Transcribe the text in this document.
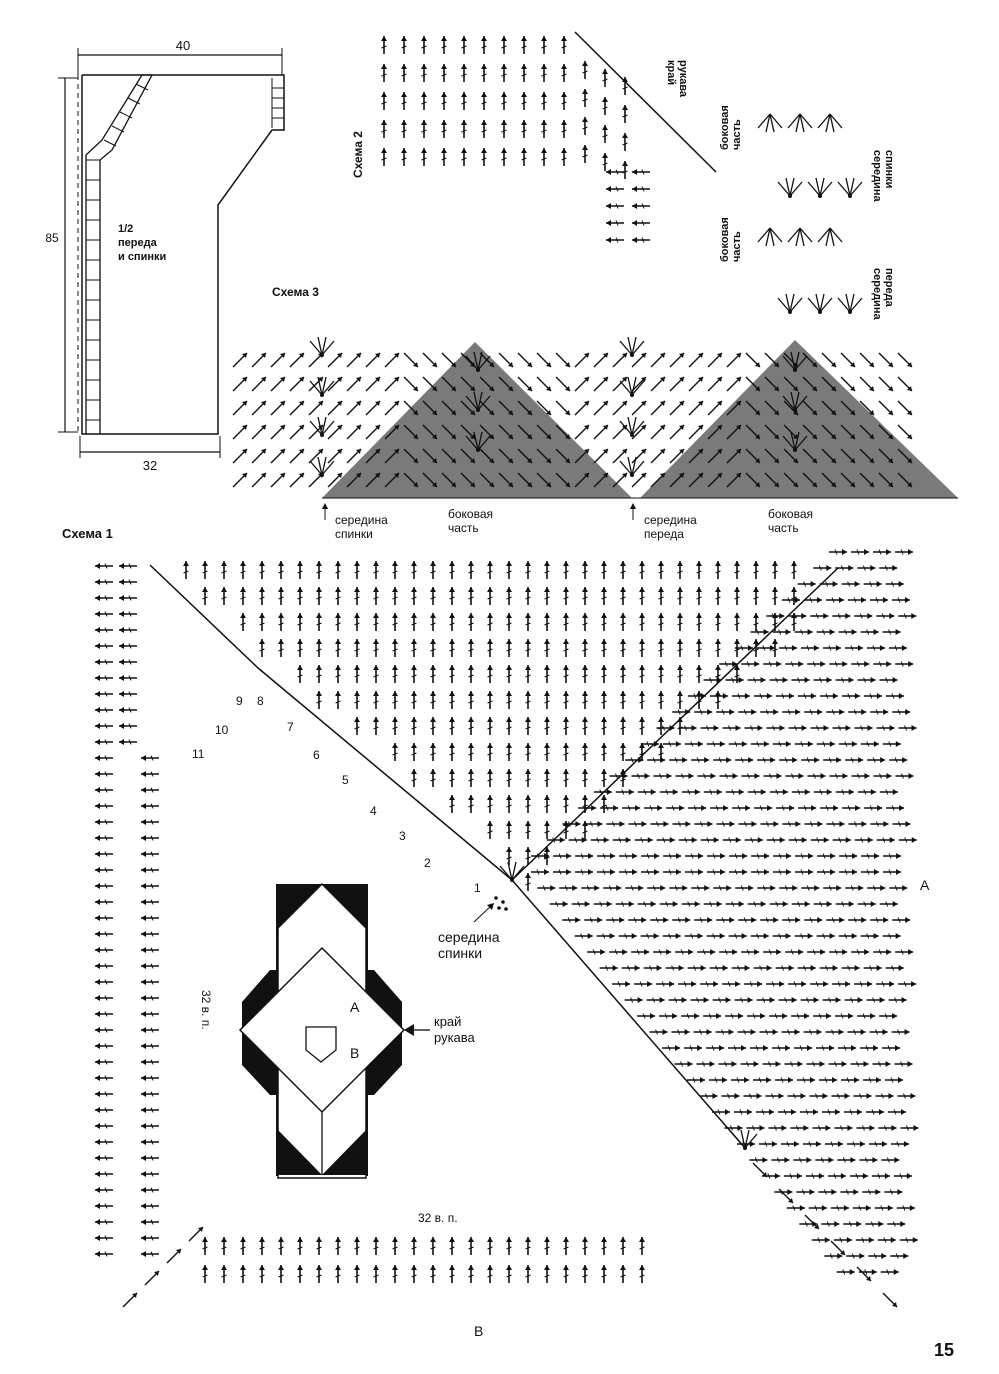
40
85
1/2 переда и спинки
32
Схема 2
край рукава
боковая часть
боковая часть
середина спинки
середина переда
Схема 3
середина
спинки
боковая
часть
середина
переда
боковая
часть
Схема 1
1
2
3
4
5
6
7
8
9
10
11
середина
спинки
32 в. п.
32 в. п.
А
В
А
В
край
рукава
15
